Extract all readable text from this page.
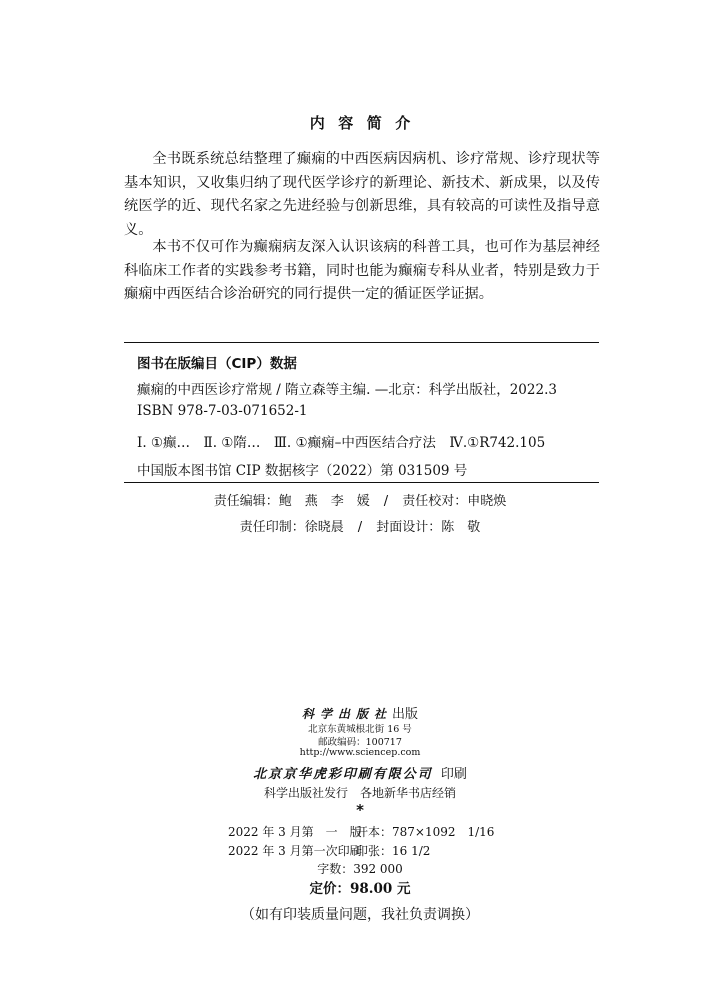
内容简介

全书既系统总结整理了癫痫的中西医病因病机、诊疗常规、诊疗现状等基本知识，又收集归纳了现代医学诊疗的新理论、新技术、新成果，以及传统医学的近、现代名家之先进经验与创新思维，具有较高的可读性及指导意义。

本书不仅可作为癫痫病友深入认识该病的科普工具，也可作为基层神经科临床工作者的实践参考书籍，同时也能为癫痫专科从业者，特别是致力于癫痫中西医结合诊治研究的同行提供一定的循证医学证据。

图书在版编目（CIP）数据
癫痫的中西医诊疗常规 / 隋立森等主编. —北京：科学出版社，2022.3
ISBN 978-7-03-071652-1
Ⅰ. ①癫…　Ⅱ. ①隋…　Ⅲ. ①癫痫–中西医结合疗法　Ⅳ.①R742.105
中国版本图书馆 CIP 数据核字（2022）第 031509 号
责任编辑：鲍　燕　李　媛 / 责任校对：申晓焕
责任印制：徐晓晨 / 封面设计：陈　敬
科学出版社出版
北京东黄城根北街 16 号
邮政编码：100717
http://www.sciencep.com
北京京华虎彩印刷有限公司 印刷
科学出版社发行　各地新华书店经销
*
2022 年 3 月第　一　版开本：787×1092　1/16
2022 年 3 月第一次印刷印张：16 1/2
字数：392 000
定价：98.00 元
（如有印装质量问题，我社负责调换）
